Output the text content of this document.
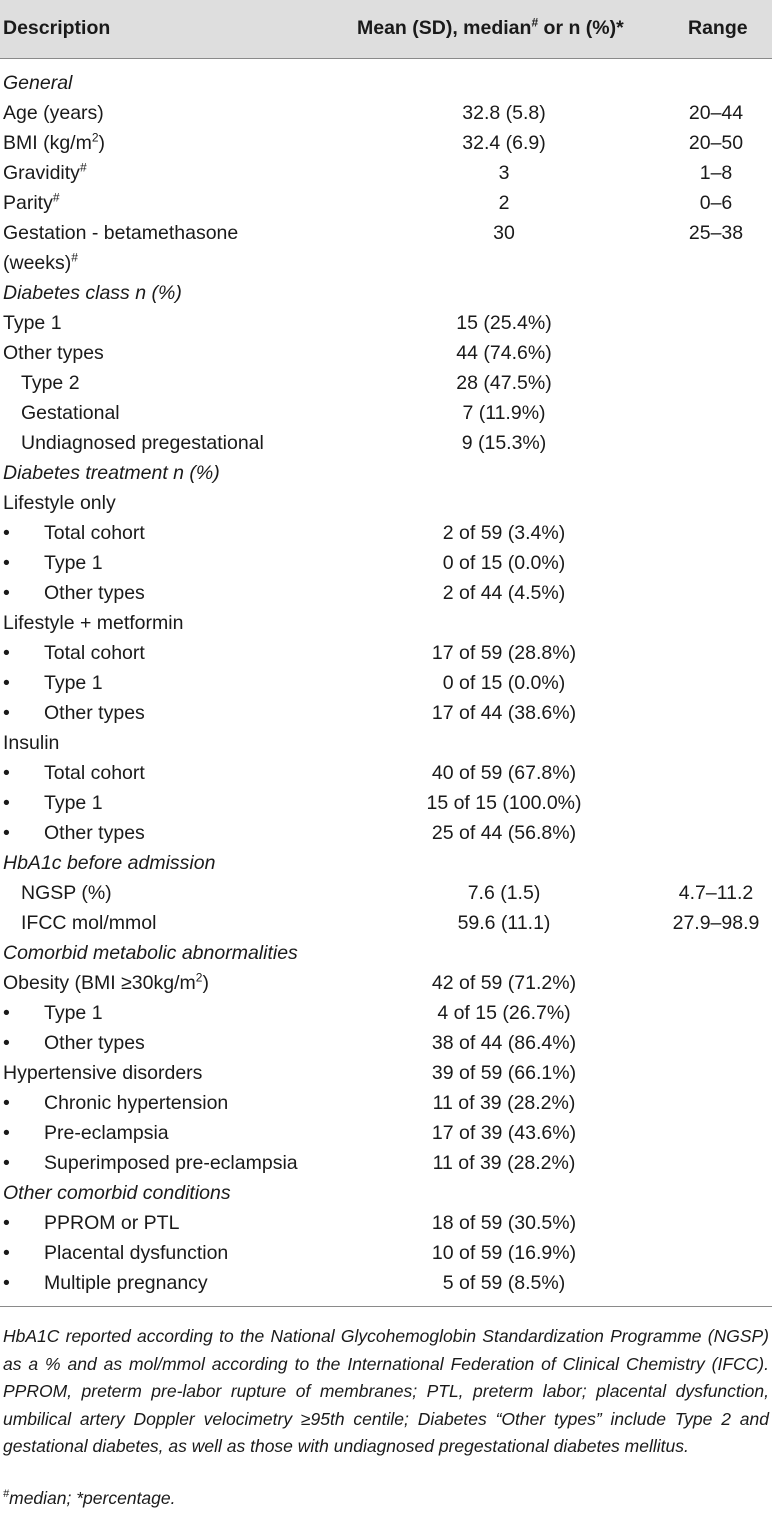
Description	Mean (SD), median# or n (%)*	Range
General
Age (years)	32.8 (5.8)	20–44
BMI $(kg/m^2)$	32.4 (6.9)	20–50
Gravidity#	3	1–8
Parity#	2	0–6
Gestation - betamethasone	30	25–38
(weeks)#
Diabetes class n (%)
Type 1	15 (25.4%)
Other types	44 (74.6%)
Type 2	28 (47.5%)
Gestational	7 (11.9%)
Undiagnosed pregestational	9 (15.3%)
Diabetes treatment n (%)
Lifestyle only
• Total cohort	2 of 59 (3.4%)
• Type 1	0 of 15 (0.0%)
• Other types	2 of 44 (4.5%)
Lifestyle + metformin
• Total cohort	17 of 59 (28.8%)
• Type 1	0 of 15 (0.0%)
• Other types	17 of 44 (38.6%)
Insulin
• Total cohort	40 of 59 (67.8%)
• Type 1	15 of 15 (100.0%)
• Other types	25 of 44 (56.8%)
HbA1c before admission
NGSP (%)	7.6 (1.5)	4.7–11.2
IFCC mol/mmol	59.6 (11.1)	27.9–98.9
Comorbid metabolic abnormalities
Obesity $(BMI \ge 30kg/m^2)$	42 of 59 (71.2%)
• Type 1	4 of 15 (26.7%)
• Other types	38 of 44 (86.4%)
Hypertensive disorders	39 of 59 (66.1%)
• Chronic hypertension	11 of 39 (28.2%)
• Pre-eclampsia	17 of 39 (43.6%)
• Superimposed pre-eclampsia	11 of 39 (28.2%)
Other comorbid conditions
• PPROM or PTL	18 of 59 (30.5%)
• Placental dysfunction	10 of 59 (16.9%)
• Multiple pregnancy	5 of 59 (8.5%)
HbA1C reported according to the National Glycohemoglobin Standardization Programme (NGSP) as a % and as mol/mmol according to the International Federation of Clinical Chemistry (IFCC). PPROM, preterm pre-labor rupture of membranes; PTL, preterm labor; placental dysfunction, umbilical artery Doppler velocimetry ≥95th centile; Diabetes “Other types” include Type 2 and gestational diabetes, as well as those with undiagnosed pregestational diabetes mellitus.
#median; *percentage.
